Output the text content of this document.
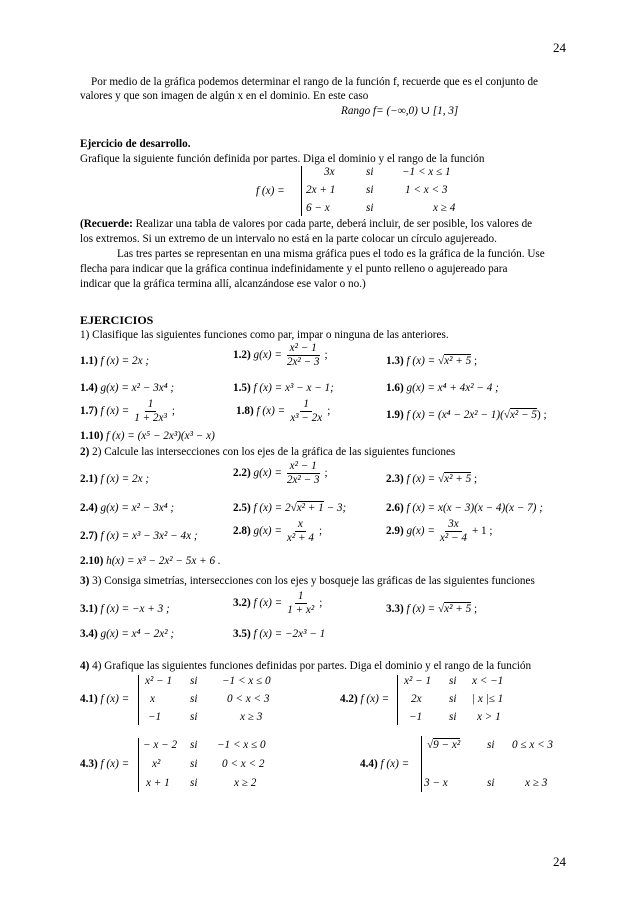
24
24
Por medio de la gráfica podemos determinar el rango de la función f, recuerde que es el conjunto de
valores y que son imagen de algún x en el dominio. En este caso
Rango f= (−∞,0) ∪ [1, 3]
Ejercicio de desarrollo.
Grafique la siguiente función definida por partes. Diga el dominio y el rango de la función
f (x) =
3x	si	−1 < x ≤ 1
2x + 1	si	1 < x < 3
6 − x	si	x ≥ 4
(Recuerde: Realizar una tabla de valores por cada parte, deberá incluir, de ser posible, los valores de
los extremos. Si un extremo de un intervalo no está en la parte colocar un círculo agujereado.
Las tres partes se representan en una misma gráfica pues el todo es la gráfica de la función. Use
flecha para indicar que la gráfica continua indefinidamente y el punto relleno o agujereado para
indicar que la gráfica termina allí, alcanzándose ese valor o no.)
EJERCICIOS
1) Clasifique las siguientes funciones como par, impar o ninguna de las anteriores.
1.1) f (x) = 2x ;	1.2) $g(x) = \frac{\text{x² − 1}}{\text{2x² − 3}}$ ;	1.3) f (x) = √x² + 5 ;
1.4) g(x) = x² − 3x⁴ ;	1.5) f (x) = x³ − x − 1;	1.6) g(x) = x⁴ + 4x² − 4 ;
1.7) f $(x) = \frac{1}{\text{1 + 2x³}}$ ;	1.8) f $(x) = \frac{1}{\text{x³ − 2x}}$ ;	1.9) f (x) = (x⁴ − 2x² − 1)(√x² − 5) ;
1.10) f (x) = (x⁵ − 2x³)(x³ − x)
2) 2) Calcule las intersecciones con los ejes de la gráfica de las siguientes funciones
2.1) f (x) = 2x ;	2.2) $g(x) = \frac{\text{x² − 1}}{\text{2x² − 3}}$ ;	2.3) f (x) = √x² + 5 ;
2.4) g(x) = x² − 3x⁴ ;	2.5) f (x) = 2√x² + 1 − 3;	2.6) f (x) = x(x − 3)(x − 4)(x − 7) ;
2.7) f (x) = x³ − 3x² − 4x ;	2.8) $g(x) = \frac{x}{\text{x² + 4}}$ ;	2.9) $g(x) = \frac{3x}{\text{x² − 4}} + 1$ ;
2.10) h(x) = x³ − 2x² − 5x + 6 .
3) 3) Consiga simetrías, intersecciones con los ejes y bosqueje las gráficas de las siguientes funciones
3.1) f (x) = −x + 3 ;	3.2) f $(x) = \frac{1}{\text{1 + x²}}$ ;	3.3) f (x) = √x² + 5 ;
3.4) g(x) = x⁴ − 2x² ;	3.5) f (x) = −2x³ − 1
4) 4) Grafique las siguientes funciones definidas por partes. Diga el dominio y el rango de la función
4.1) f (x) =
x² − 1 si −1 < x ≤ 0
x	si	0 < x < 3
−1	si	x ≥ 3
4.2) f (x) =
x² − 1 si x < −1
2x si | x |≤ 1
−1 si x > 1
4.3) f (x) =
− x − 2 si −1 < x ≤ 0
x²	si 0 < x < 2
x + 1 si	x ≥ 2
4.4) f (x) =
√9 − x² si 0 ≤ x < 3
3 − x	si	x ≥ 3
